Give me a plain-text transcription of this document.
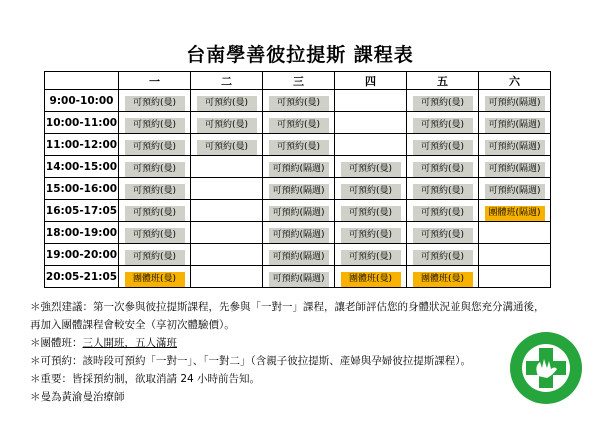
台南學善彼拉提斯 課程表
	一	二	三	四	五	六
9:00-10:00	可預約(曼)	可預約(曼)	可預約(曼)		可預約(曼)	可預約(隔週)
10:00-11:00	可預約(曼)	可預約(曼)	可預約(曼)		可預約(曼)	可預約(隔週)
11:00-12:00	可預約(曼)	可預約(曼)	可預約(曼)		可預約(曼)	可預約(隔週)
14:00-15:00	可預約(曼)		可預約(隔週)	可預約(曼)	可預約(曼)	可預約(隔週)
15:00-16:00	可預約(曼)		可預約(隔週)	可預約(曼)	可預約(曼)	可預約(隔週)
16:05-17:05	可預約(曼)		可預約(隔週)	可預約(曼)	可預約(曼)	團體班(隔週)
18:00-19:00	可預約(曼)		可預約(隔週)	可預約(曼)	可預約(曼)	
19:00-20:00	可預約(曼)		可預約(隔週)	可預約(曼)	可預約(曼)	
20:05-21:05	團體班(曼)		可預約(隔週)	團體班(曼)	團體班(曼)	
＊強烈建議：第一次參與彼拉提斯課程，先參與「一對一」課程，讓老師評估您的身體狀況並與您充分溝通後，
再加入團體課程會較安全（享初次體驗價）。
＊團體班：三人開班，五人滿班
＊可預約：該時段可預約「一對一」、「一對二」（含親子彼拉提斯、產婦與孕婦彼拉提斯課程）。
＊重要：皆採預約制，欲取消請 24 小時前告知。
＊曼為黃渝曼治療師
